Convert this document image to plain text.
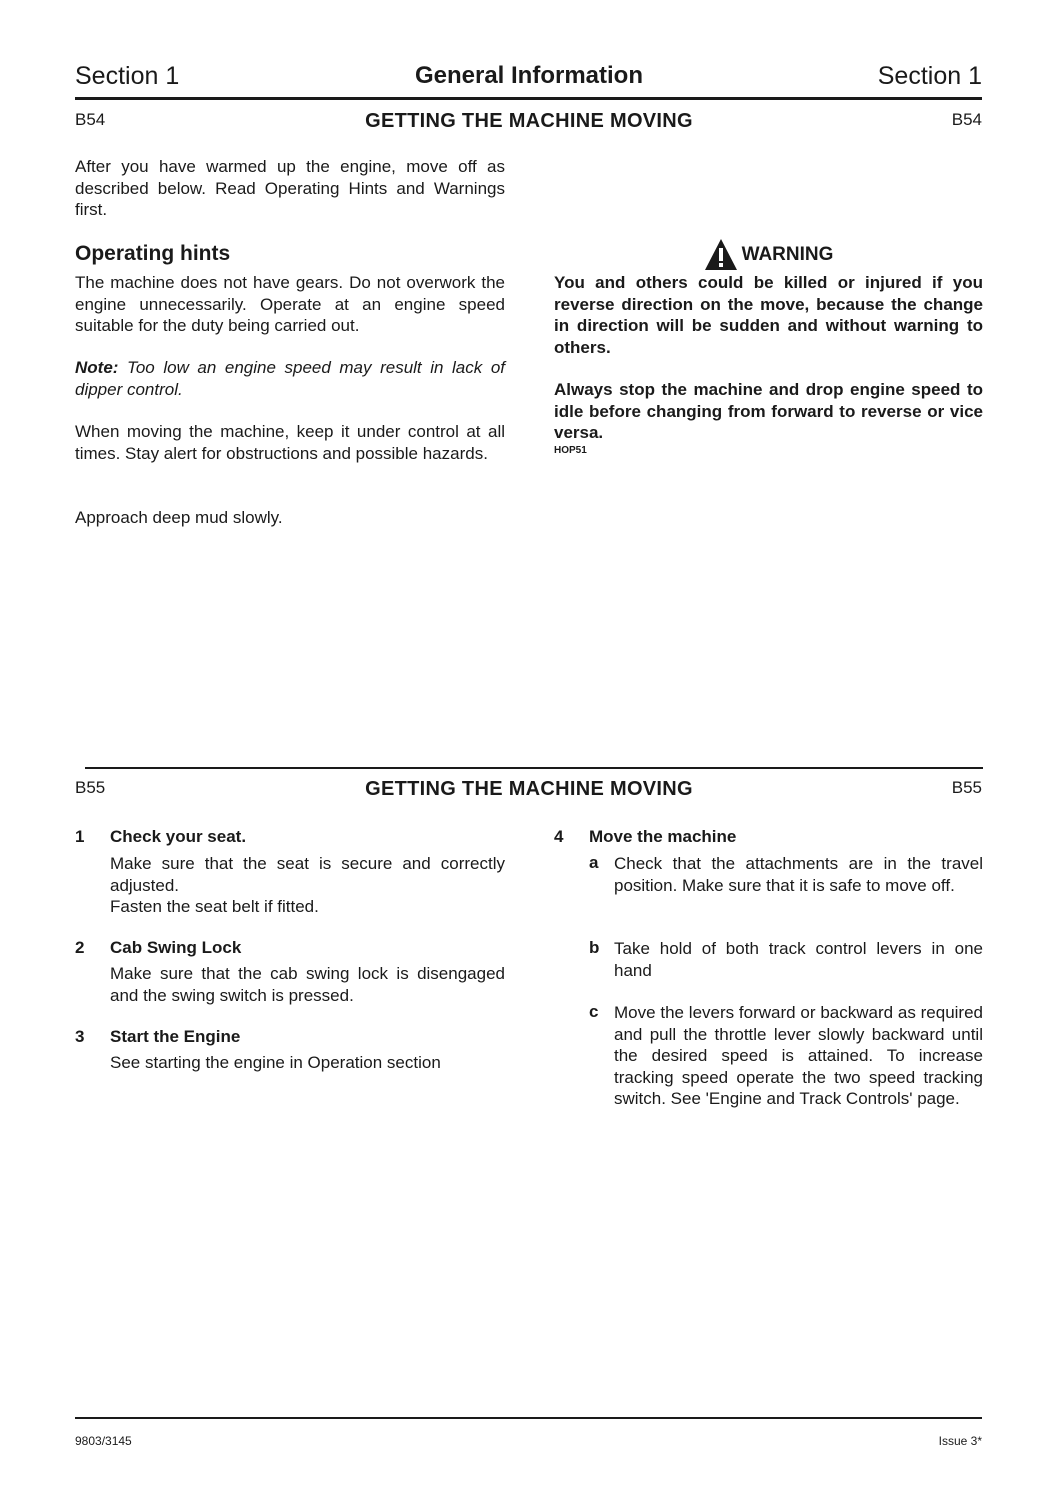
Section 1	General Information	Section 1
B54	GETTING THE MACHINE MOVING	B54
After you have warmed up the engine, move off as described below. Read Operating Hints and Warnings first.
Operating hints
The machine does not have gears. Do not overwork the engine unnecessarily. Operate at an engine speed suitable for the duty being carried out.
Note: Too low an engine speed may result in lack of dipper control.
When moving the machine, keep it under control at all times. Stay alert for obstructions and possible hazards.
Approach deep mud slowly.
WARNING
You and others could be killed or injured if you reverse direction on the move, because the change in direction will be sudden and without warning to others.
Always stop the machine and drop engine speed to idle before changing from forward to reverse or vice versa.
HOP51
B55	GETTING THE MACHINE MOVING	B55
1 Check your seat.
Make sure that the seat is secure and correctly adjusted.
Fasten the seat belt if fitted.
2 Cab Swing Lock
Make sure that the cab swing lock is disengaged and the swing switch is pressed.
3 Start the Engine
See starting the engine in Operation section
4 Move the machine
a Check that the attachments are in the travel position. Make sure that it is safe to move off.
b Take hold of both track control levers in one hand
c Move the levers forward or backward as required and pull the throttle lever slowly backward until the desired speed is attained. To increase tracking speed operate the two speed tracking switch. See 'Engine and Track Controls' page.
9803/3145	Issue 3*
